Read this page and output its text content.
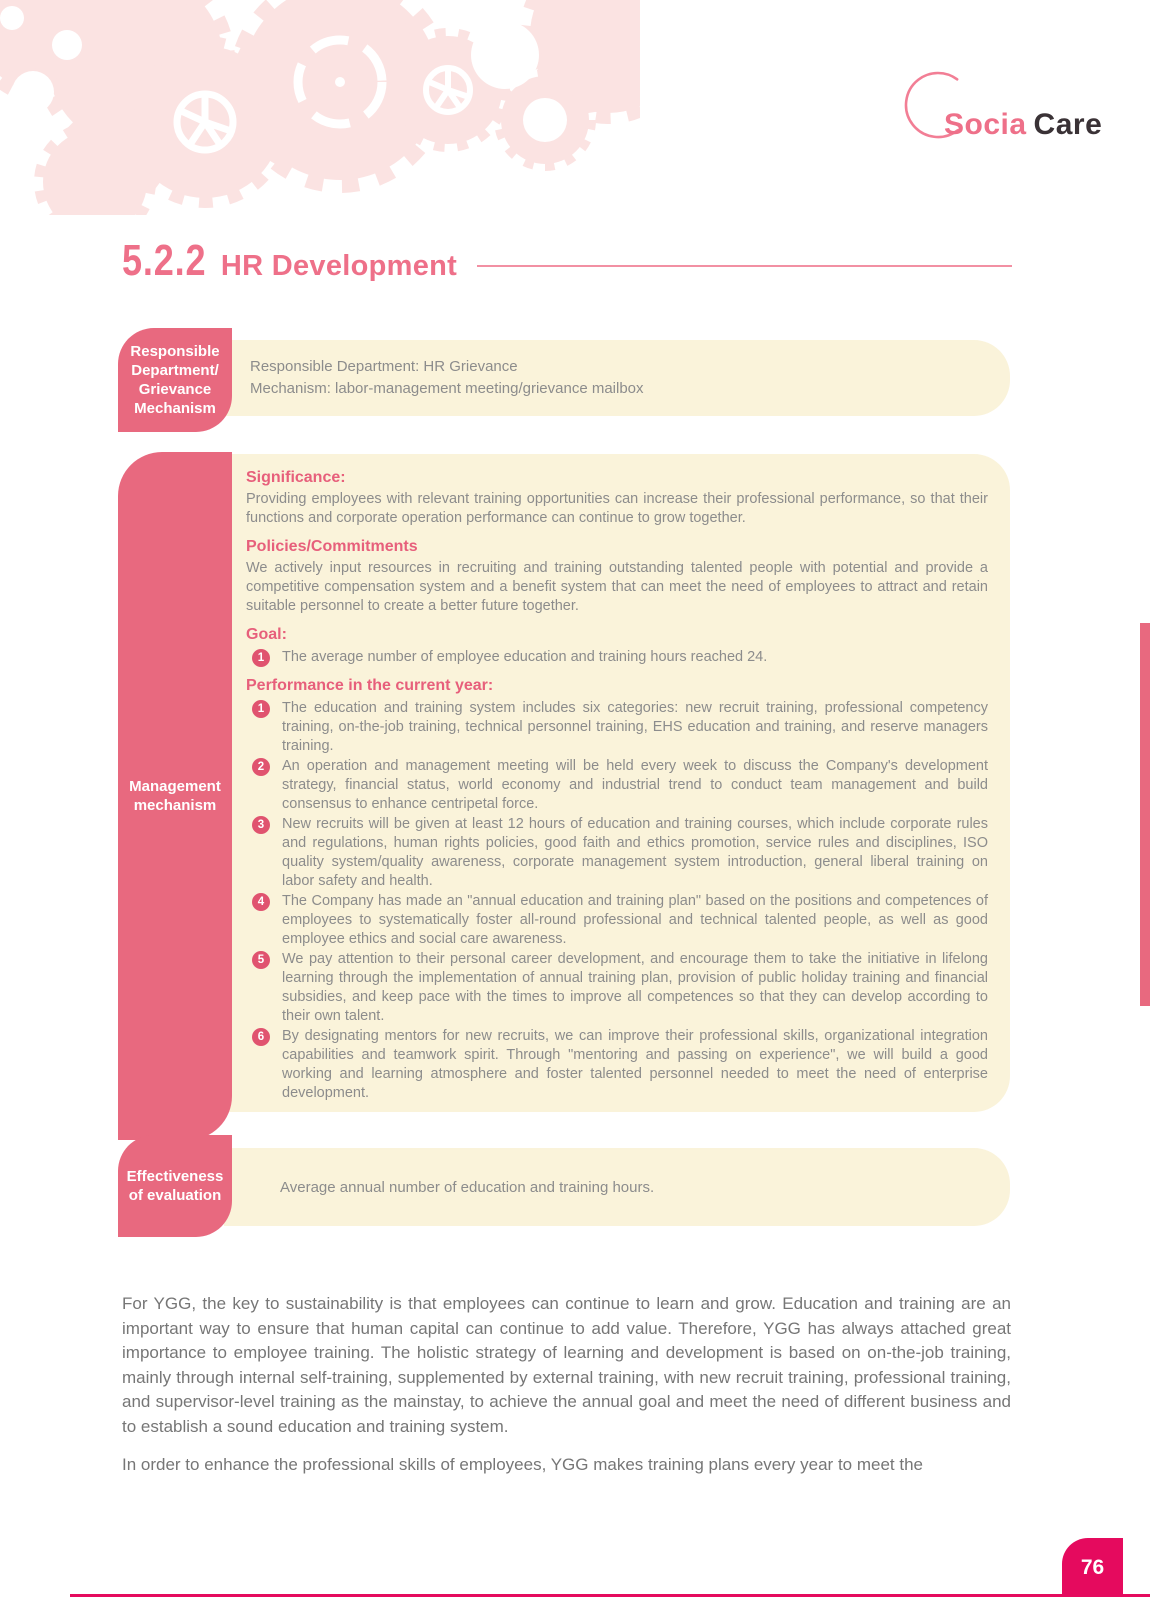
Socia Care
5.2.2 HR Development
Responsible Department/ Grievance Mechanism
Responsible Department: HR Grievance
Mechanism: labor-management meeting/grievance mailbox
Management mechanism
Significance:

Providing employees with relevant training opportunities can increase their professional performance, so that their functions and corporate operation performance can continue to grow together.

Policies/Commitments

We actively input resources in recruiting and training outstanding talented people with potential and provide a competitive compensation system and a benefit system that can meet the need of employees to attract and retain suitable personnel to create a better future together.

Goal:
1	The average number of employee education and training hours reached 24.
Performance in the current year:
1	The education and training system includes six categories: new recruit training, professional competency training, on-the-job training, technical personnel training, EHS education and training, and reserve managers training.
2	An operation and management meeting will be held every week to discuss the Company's development strategy, financial status, world economy and industrial trend to conduct team management and build consensus to enhance centripetal force.
3	New recruits will be given at least 12 hours of education and training courses, which include corporate rules and regulations, human rights policies, good faith and ethics promotion, service rules and disciplines, ISO quality system/quality awareness, corporate management system introduction, general liberal training on labor safety and health.
4	The Company has made an "annual education and training plan" based on the positions and competences of employees to systematically foster all-round professional and technical talented people, as well as good employee ethics and social care awareness.
5	We pay attention to their personal career development, and encourage them to take the initiative in lifelong learning through the implementation of annual training plan, provision of public holiday training and financial subsidies, and keep pace with the times to improve all competences so that they can develop according to their own talent.
6	By designating mentors for new recruits, we can improve their professional skills, organizational integration capabilities and teamwork spirit. Through "mentoring and passing on experience", we will build a good working and learning atmosphere and foster talented personnel needed to meet the need of enterprise development.
Effectiveness of evaluation	Average annual number of education and training hours.

For YGG, the key to sustainability is that employees can continue to learn and grow. Education and training are an important way to ensure that human capital can continue to add value. Therefore, YGG has always attached great importance to employee training. The holistic strategy of learning and development is based on on-the-job training, mainly through internal self-training, supplemented by external training, with new recruit training, professional training, and supervisor-level training as the mainstay, to achieve the annual goal and meet the need of different business and to establish a sound education and training system.

In order to enhance the professional skills of employees, YGG makes training plans every year to meet the

76
